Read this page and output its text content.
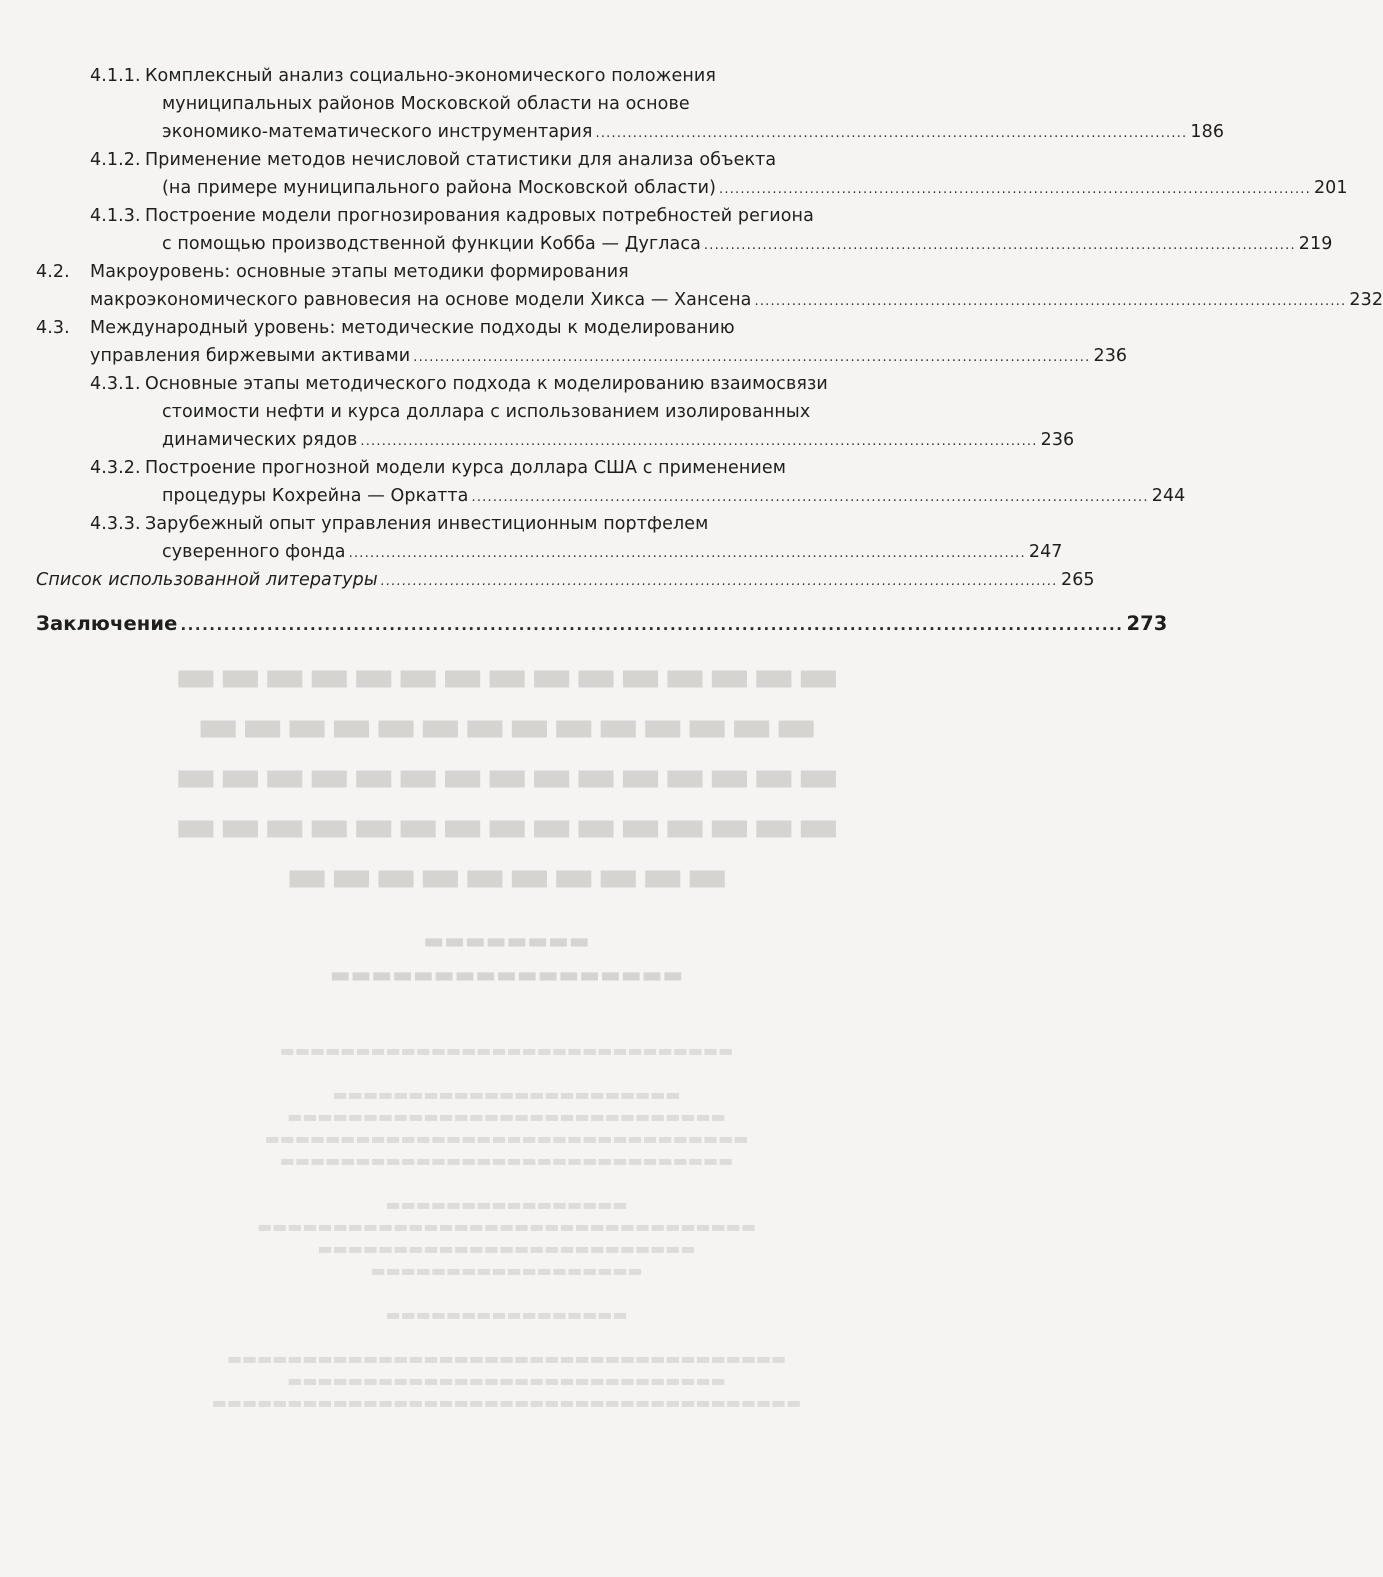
▬▬▬▬▬▬▬▬▬▬▬▬▬▬▬
▬▬▬▬▬▬▬▬▬▬▬▬▬▬
▬▬▬▬▬▬▬▬▬▬▬▬▬▬▬
▬▬▬▬▬▬▬▬▬▬▬▬▬▬▬
▬▬▬▬▬▬▬▬▬▬
▬▬▬▬▬▬▬▬
▬▬▬▬▬▬▬▬▬▬▬▬▬▬▬▬▬
▬▬▬▬▬▬▬▬▬▬▬▬▬▬▬▬▬▬▬▬▬▬▬▬▬▬▬▬▬▬

▬▬▬▬▬▬▬▬▬▬▬▬▬▬▬▬▬▬▬▬▬▬▬
▬▬▬▬▬▬▬▬▬▬▬▬▬▬▬▬▬▬▬▬▬▬▬▬▬▬▬▬▬
▬▬▬▬▬▬▬▬▬▬▬▬▬▬▬▬▬▬▬▬▬▬▬▬▬▬▬▬▬▬▬▬
▬▬▬▬▬▬▬▬▬▬▬▬▬▬▬▬▬▬▬▬▬▬▬▬▬▬▬▬▬▬

▬▬▬▬▬▬▬▬▬▬▬▬▬▬▬▬
▬▬▬▬▬▬▬▬▬▬▬▬▬▬▬▬▬▬▬▬▬▬▬▬▬▬▬▬▬▬▬▬▬
▬▬▬▬▬▬▬▬▬▬▬▬▬▬▬▬▬▬▬▬▬▬▬▬▬
▬▬▬▬▬▬▬▬▬▬▬▬▬▬▬▬▬▬

▬▬▬▬▬▬▬▬▬▬▬▬▬▬▬▬

▬▬▬▬▬▬▬▬▬▬▬▬▬▬▬▬▬▬▬▬▬▬▬▬▬▬▬▬▬▬▬▬▬▬▬▬▬
▬▬▬▬▬▬▬▬▬▬▬▬▬▬▬▬▬▬▬▬▬▬▬▬▬▬▬▬▬
▬▬▬▬▬▬▬▬▬▬▬▬▬▬▬▬▬▬▬▬▬▬▬▬▬▬▬▬▬▬▬▬▬▬▬▬▬▬▬
4.1.1. Комплексный анализ социально-экономического положения
муниципальных районов Московской области на основе
экономико-математического инструментария ............................................................................................................... 186
4.1.2. Применение методов нечисловой статистики для анализа объекта
(на примере муниципального района Московской области) ............................................................................................................... 201
4.1.3. Построение модели прогнозирования кадровых потребностей региона
с помощью производственной функции Кобба — Дугласа ............................................................................................................... 219
4.2. Макроуровень: основные этапы методики формирования
макроэкономического равновесия на основе модели Хикса — Хансена ............................................................................................................... 232
4.3. Международный уровень: методические подходы к моделированию
управления биржевыми активами ............................................................................................................................... 236
4.3.1. Основные этапы методического подхода к моделированию взаимосвязи
стоимости нефти и курса доллара с использованием изолированных
динамических рядов ............................................................................................................................... 236
4.3.2. Построение прогнозной модели курса доллара США с применением
процедуры Кохрейна — Оркатта ............................................................................................................................... 244
4.3.3. Зарубежный опыт управления инвестиционным портфелем
суверенного фонда ............................................................................................................................... 247
Список использованной литературы ............................................................................................................................... 265
Заключение ................................................................................................................................... 273
